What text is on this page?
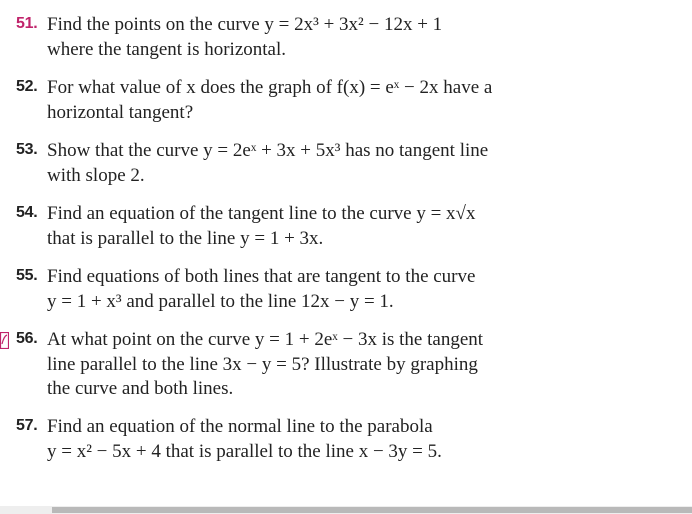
51. Find the points on the curve y = 2x³ + 3x² − 12x + 1
where the tangent is horizontal.
52. For what value of x does the graph of f(x) = eˣ − 2x have a
horizontal tangent?
53. Show that the curve y = 2eˣ + 3x + 5x³ has no tangent line
with slope 2.
54. Find an equation of the tangent line to the curve y = x√x
that is parallel to the line y = 1 + 3x.
55. Find equations of both lines that are tangent to the curve
y = 1 + x³ and parallel to the line 12x − y = 1.
56. At what point on the curve y = 1 + 2eˣ − 3x is the tangent
line parallel to the line 3x − y = 5? Illustrate by graphing
the curve and both lines.
57. Find an equation of the normal line to the parabola
y = x² − 5x + 4 that is parallel to the line x − 3y = 5.
